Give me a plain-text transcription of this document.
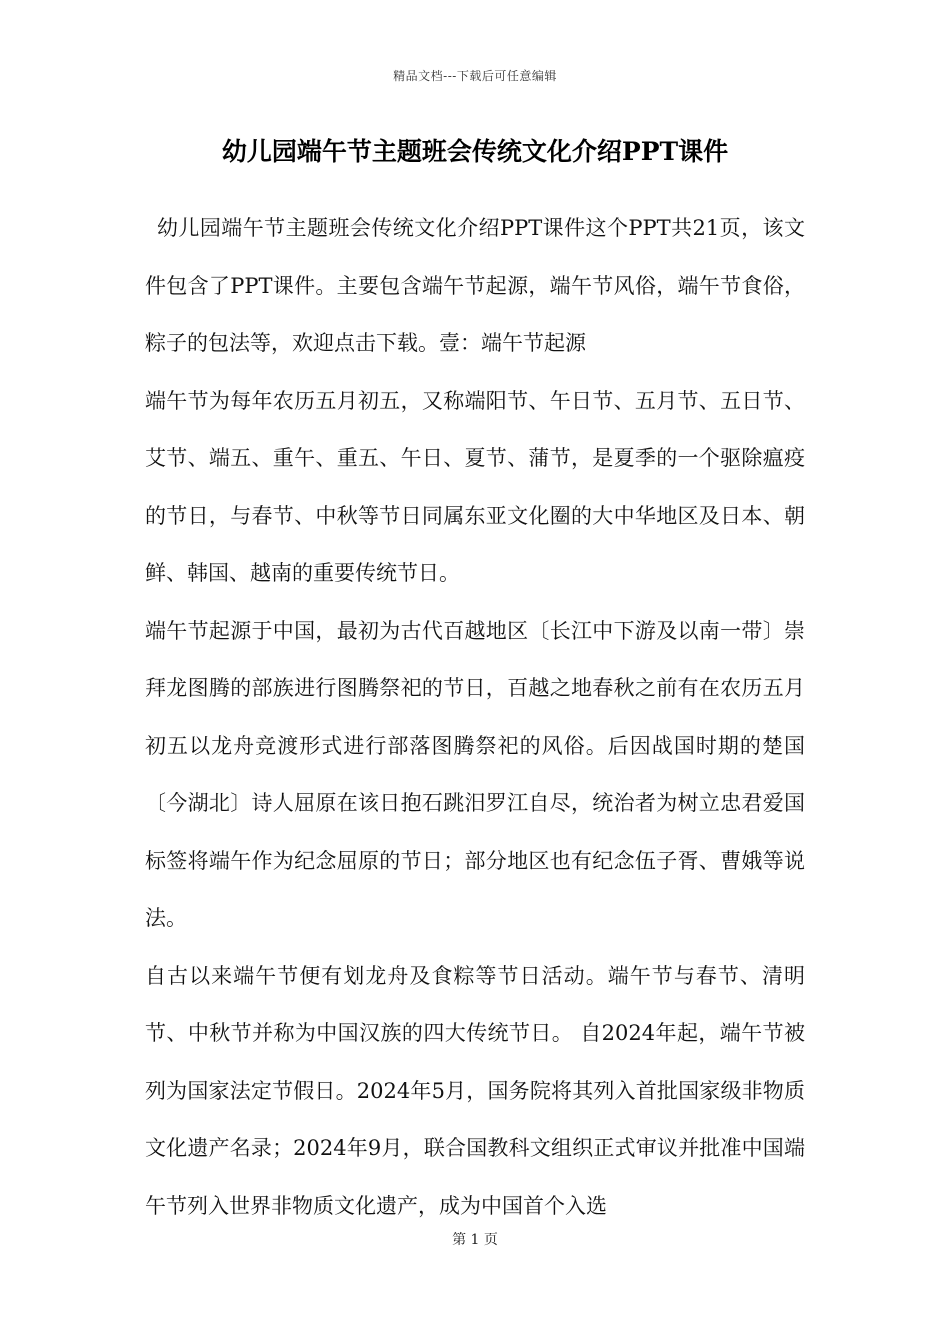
精品文档---下载后可任意编辑
幼儿园端午节主题班会传统文化介绍PPT课件

幼儿园端午节主题班会传统文化介绍PPT课件这个PPT共21页，该文件包含了PPT课件。主要包含端午节起源，端午节风俗，端午节食俗，粽子的包法等，欢迎点击下载。壹：端午节起源

端午节为每年农历五月初五，又称端阳节、午日节、五月节、五日节、艾节、端五、重午、重五、午日、夏节、蒲节，是夏季的一个驱除瘟疫的节日，与春节、中秋等节日同属东亚文化圈的大中华地区及日本、朝鲜、韩国、越南的重要传统节日。

端午节起源于中国，最初为古代百越地区〔长江中下游及以南一带〕崇拜龙图腾的部族进行图腾祭祀的节日，百越之地春秋之前有在农历五月初五以龙舟竞渡形式进行部落图腾祭祀的风俗。后因战国时期的楚国〔今湖北〕诗人屈原在该日抱石跳汨罗江自尽，统治者为树立忠君爱国标签将端午作为纪念屈原的节日；部分地区也有纪念伍子胥、曹娥等说法。

自古以来端午节便有划龙舟及食粽等节日活动。端午节与春节、清明节、中秋节并称为中国汉族的四大传统节日。 自2024年起，端午节被列为国家法定节假日。2024年5月，国务院将其列入首批国家级非物质文化遗产名录；2024年9月，联合国教科文组织正式审议并批准中国端午节列入世界非物质文化遗产，成为中国首个入选

第 1 页
